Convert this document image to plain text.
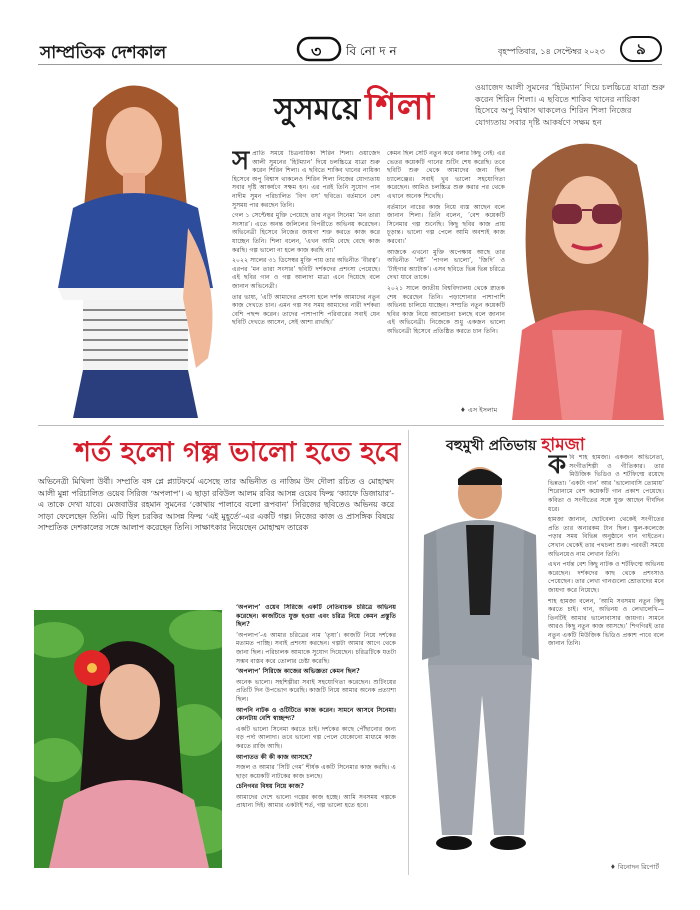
সাম্প্রতিক দেশকাল	৩ বি নো দ ন	বৃহস্পতিবার, ১৪ সেপ্টেম্বর ২০২৩	৯
সুসময়ে শিলা	ওয়াজেদ আলী সুমনের ‘হিটম্যান’ দিয়ে চলচ্চিত্রে যাত্রা শুরু করেন শিরিন শিলা। এ ছবিতে শাকিব খানের নায়িকা হিসেবে অপু বিশ্বাস থাকলেও শিরিন শিলা নিজের যোগ্যতায় সবার দৃষ্টি আকর্ষণে সক্ষম হন
স প্রাতি সময়ে চিত্রনায়িকা শিরিন শিলা। ওয়াজেদ আলী সুমনের ‘হিটম্যান’ দিয়ে চলচ্চিত্রে যাত্রা শুরু করেন শিরিন শিলা। এ ছবিতে শাকিব খানের নায়িকা হিসেবে অপু বিশ্বাস থাকলেও শিরিন শিলা নিজের যোগ্যতায় সবার দৃষ্টি আকর্ষণে সক্ষম হন। এর পরই তিনি সুযোগ পান নাদীম সুমন পরিচালিত ‘বিগ বস’ ছবিতে। বর্তমানে বেশ সুসময় পার করছেন তিনি।

গেল ১ সেপ্টেম্বর মুক্তি পেয়েছে তার নতুন সিনেমা ‘মন তারা সংসার’। এতে অনন্ত জলিলের বিপরীতে অভিনয় করেছেন। অভিনেত্রী হিসেবে নিজের জায়গা শক্ত করতে কাজ করে যাচ্ছেন তিনি। শিলা বলেন, ‘এখন আমি বেছে বেছে কাজ করছি। গল্প ভালো না হলে কাজ করছি না।’

২০২২ সালের ৩১ ডিসেম্বর মুক্তি পায় তার অভিনীত ‘বীরত্ব’। এরপর ‘মন তারা সংসার’ ছবিটি দর্শকদের প্রশংসা পেয়েছে। এই ছবির গান ও গল্প আলাদা মাত্রা এনে দিয়েছে বলে জানান অভিনেত্রী।

তার ভাষ্য, ‘এটি আমাদের প্রশংসা হলে দর্শক আমাদের নতুন কাজ দেখতে চান। এমন গল্প সব সময় আমাদের নারী দর্শকরা বেশি পছন্দ করেন। তাদের পাশাপাশি পরিবারের সবাই যেন ছবিটি দেখতে আসেন, সেই আশা রাখছি।’

কেমন ছিল সেটি নতুন করে বলার কিছু নেই। এর ভেতর কয়েকটি গানের শুটিং শেষ করেছি। তবে ছবিটি শুরু থেকে আমাদের জন্য ছিল চ্যালেঞ্জের। সবাই খুব ভালো সহযোগিতা করেছেন। আমিও চলচ্চিত্র শুরু করার পর থেকে এখানে অনেক শিখেছি।

বর্তমানে নাচের কাজ নিয়ে ব্যস্ত আছেন বলে জানান শিলা। তিনি বলেন, ‘বেশ কয়েকটি সিনেমার গল্প শুনেছি। কিছু ছবির কাজ প্রায় চূড়ান্ত। ভালো গল্প পেলে আমি অবশ্যই কাজ করবো।’

আজকে এখনো মুক্তি অপেক্ষায় আছে তার অভিনীত ‘নষ্ট’ ‘পাগল ভালো’, ‘জিদি’ ও ‘টাইগার অ্যাটাক’। এসব ছবিতে ভিন্ন ভিন্ন চরিত্রে দেখা যাবে তাকে।

২০২১ সালে জাতীয় বিশ্ববিদ্যালয় থেকে স্নাতক শেষ করেছেন তিনি। পড়াশোনার পাশাপাশি অভিনয় চালিয়ে যাচ্ছেন। সম্প্রতি নতুন কয়েকটি ছবির কাজ নিয়ে আলোচনা চলছে বলে জানান এই অভিনেত্রী। নিজেকে শুধু একজন ভালো অভিনেত্রী হিসেবে প্রতিষ্ঠিত করতে চান তিনি।

♦ এস ইসলাম
শর্ত হলো গল্প ভালো হতে হবে
অভিনেত্রী মিথিলা উর্বী। সম্প্রতি বঙ্গ প্লে প্ল্যাটফর্মে এসেছে তার অভিনীত ও নাজিম উদ দৌলা রচিত ও মোহাম্মদ আলী মুন্না পরিচালিত ওয়েব সিরিজ ‘অপলাপ’। এ ছাড়া রবিউল আলম রবির আসন্ন ওয়েব ফিল্ম ‘ক্যাফে ডিজায়ার’-এ তাকে দেখা যাবে। মেজবাউর রহমান সুমনের ‘কোথায় পালাবে বলো রূপবান’ সিরিজের ছবিতেও অভিনয় করে সাড়া ফেলেছেন তিনি। এটি ছিল চরকির আসন্ন ফিল্ম ‘এই মুহূর্তে’-এর একটি গল্প। নিজের কাজ ও প্রাসঙ্গিক বিষয়ে সাম্প্রতিক দেশকালের সঙ্গে আলাপ করেছেন তিনি। সাক্ষাৎকার নিয়েছেন মোহাম্মদ তারেক

‘অপলাপ’ ওয়েব সিরিজে একটি নেতিবাচক চরিত্রে অভিনয় করেছেন। কাজটিতে যুক্ত হওয়া এবং চরিত্র নিয়ে কেমন প্রস্তুতি ছিল?

‘অপলাপ’-এ আমার চরিত্রের নাম ‘তৃষা’। কাজটি নিয়ে দর্শকের মতামত পাচ্ছি। সবাই প্রশংসা করছেন। গল্পটা আমার আগে থেকে জানা ছিল। পরিচালক আমাকে সুযোগ দিয়েছেন। চরিত্রটিকে যতটা সম্ভব বাস্তব করে তোলার চেষ্টা করেছি।

‘অপলাপ’ সিরিজে কাজের অভিজ্ঞতা কেমন ছিল?

অনেক ভালো। সহশিল্পীরা সবাই সহযোগিতা করেছেন। শুটিংয়ের প্রতিটি দিন উপভোগ করেছি। কাজটি নিয়ে আমার অনেক প্রত্যাশা ছিল।

আপনি নাটক ও ওটিটিতে কাজ করেন। সামনে আসবে সিনেমা। কোনটায় বেশি স্বাচ্ছন্দ্য?

একটি ভালো সিনেমা করতে চাই। দর্শকের কাছে পৌঁছানোর জন্য বড় পর্দা আলাদা। তবে ভালো গল্প পেলে যেকোনো মাধ্যমে কাজ করতে রাজি আছি।

আপাতত কী কী কাজ আসছে?

সজল ও আমার ‘সিটি গেম’ শীর্ষক একটি সিনেমার কাজ করছি। এ ছাড়া কয়েকটি নাটকের কাজ চলছে।

চেনিগবর বিষয় নিয়ে কাজ?

আমাদের দেশে ভালো গল্পের কাজ হচ্ছে। আমি সবসময় গল্পকে প্রাধান্য দিই। আমার একটাই শর্ত, গল্প ভালো হতে হবে।

বহুমুখী প্রতিভায় হামজা
ক বি শাহ হামজা। একজন অভিনেতা, সংগীতশিল্পী ও গীতিকার। তার মিউজিক ভিডিও ও শর্টফিল্মে রয়েছে ভিন্নতা। ‘একটা গান’ আর ‘ভালোবাসি তোমায়’ শিরোনামে বেশ কয়েকটি গান প্রকাশ পেয়েছে। কবিতা ও সংগীতের সঙ্গে যুক্ত আছেন দীর্ঘদিন ধরে।

হামজা জানান, ছোটবেলা থেকেই সংগীতের প্রতি তার অন্যরকম টান ছিল। স্কুল-কলেজে পড়ার সময় বিভিন্ন অনুষ্ঠানে গান গাইতেন। সেখান থেকেই তার পথচলা শুরু। পরবর্তী সময়ে অভিনয়েও নাম লেখান তিনি।

এখন পর্যন্ত বেশ কিছু নাটক ও শর্টফিল্মে অভিনয় করেছেন। দর্শকদের কাছ থেকে প্রশংসাও পেয়েছেন। তার লেখা গানগুলো শ্রোতাদের মনে জায়গা করে নিয়েছে।

শাহ হামজা বলেন, ‘আমি সবসময় নতুন কিছু করতে চাই। গান, অভিনয় ও লেখালেখি—তিনটিই আমার ভালোবাসার জায়গা। সামনে আরও কিছু নতুন কাজ আসছে।’ শিগগিরই তার নতুন একটি মিউজিক ভিডিও প্রকাশ পাবে বলে জানান তিনি।

♦ বিনোদন রিপোর্ট
